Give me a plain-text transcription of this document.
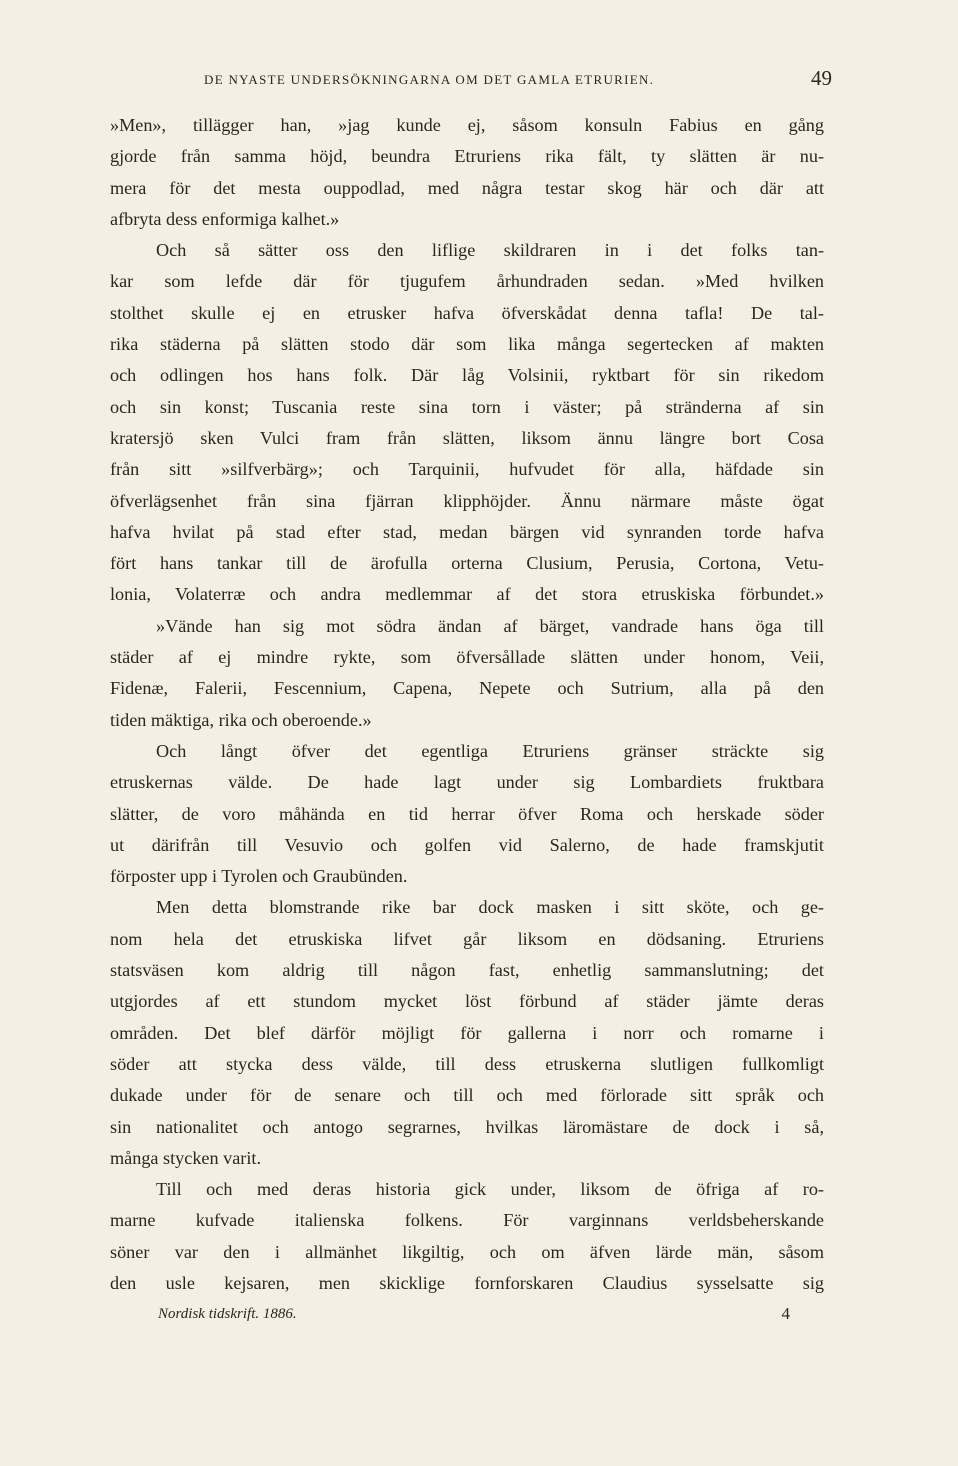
DE NYASTE UNDERSÖKNINGARNA OM DET GAMLA ETRURIEN.	49
»Men», tillägger han, »jag kunde ej, såsom konsuln Fabius en gång
gjorde från samma höjd, beundra Etruriens rika fält, ty slätten är nu-
mera för det mesta ouppodlad, med några testar skog här och där att
afbryta dess enformiga kalhet.»
Och så sätter oss den liflige skildraren in i det folks tan-
kar som lefde där för tjugufem århundraden sedan. »Med hvilken
stolthet skulle ej en etrusker hafva öfverskådat denna tafla! De tal-
rika städerna på slätten stodo där som lika många segertecken af makten
och odlingen hos hans folk. Där låg Volsinii, ryktbart för sin rikedom
och sin konst; Tuscania reste sina torn i väster; på stränderna af sin
kratersjö sken Vulci fram från slätten, liksom ännu längre bort Cosa
från sitt »silfverbärg»; och Tarquinii, hufvudet för alla, häfdade sin
öfverlägsenhet från sina fjärran klipphöjder. Ännu närmare måste ögat
hafva hvilat på stad efter stad, medan bärgen vid synranden torde hafva
fört hans tankar till de ärofulla orterna Clusium, Perusia, Cortona, Vetu-
lonia, Volaterræ och andra medlemmar af det stora etruskiska förbundet.»
»Vände han sig mot södra ändan af bärget, vandrade hans öga till
städer af ej mindre rykte, som öfversållade slätten under honom, Veii,
Fidenæ, Falerii, Fescennium, Capena, Nepete och Sutrium, alla på den
tiden mäktiga, rika och oberoende.»
Och långt öfver det egentliga Etruriens gränser sträckte sig
etruskernas välde. De hade lagt under sig Lombardiets fruktbara
slätter, de voro måhända en tid herrar öfver Roma och herskade söder
ut därifrån till Vesuvio och golfen vid Salerno, de hade framskjutit
förposter upp i Tyrolen och Graubünden.
Men detta blomstrande rike bar dock masken i sitt sköte, och ge-
nom hela det etruskiska lifvet går liksom en dödsaning. Etruriens
statsväsen kom aldrig till någon fast, enhetlig sammanslutning; det
utgjordes af ett stundom mycket löst förbund af städer jämte deras
områden. Det blef därför möjligt för gallerna i norr och romarne i
söder att stycka dess välde, till dess etruskerna slutligen fullkomligt
dukade under för de senare och till och med förlorade sitt språk och
sin nationalitet och antogo segrarnes, hvilkas läromästare de dock i så,
många stycken varit.
Till och med deras historia gick under, liksom de öfriga af ro-
marne kufvade italienska folkens. För varginnans verldsbeherskande
söner var den i allmänhet likgiltig, och om äfven lärde män, såsom
den usle kejsaren, men skicklige fornforskaren Claudius sysselsatte sig
Nordisk tidskrift. 1886.	4
